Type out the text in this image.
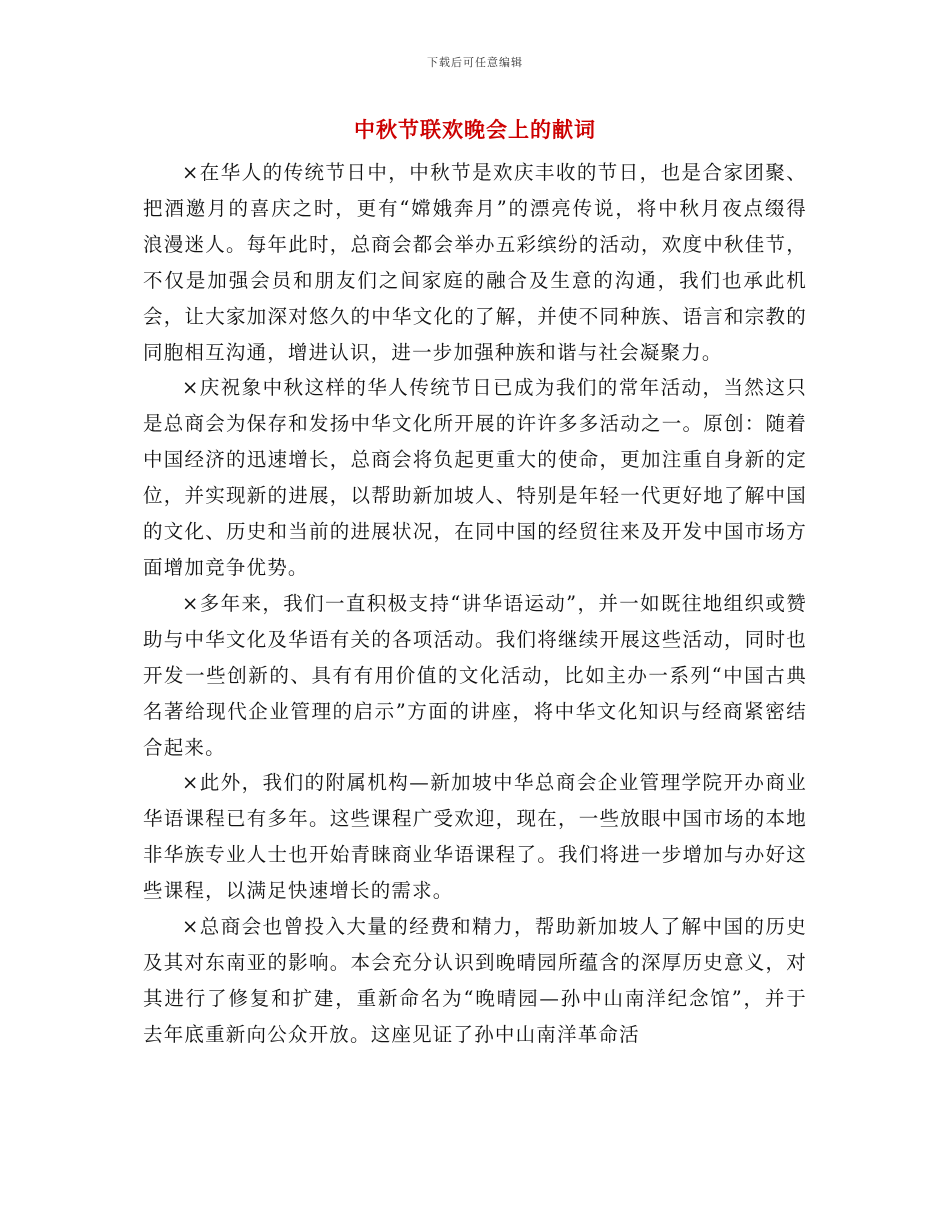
下载后可任意编辑
中秋节联欢晚会上的献词

×在华人的传统节日中，中秋节是欢庆丰收的节日，也是合家团聚、把酒邀月的喜庆之时，更有“嫦娥奔月”的漂亮传说，将中秋月夜点缀得浪漫迷人。每年此时，总商会都会举办五彩缤纷的活动，欢度中秋佳节，不仅是加强会员和朋友们之间家庭的融合及生意的沟通，我们也承此机会，让大家加深对悠久的中华文化的了解，并使不同种族、语言和宗教的同胞相互沟通，增进认识，进一步加强种族和谐与社会凝聚力。

×庆祝象中秋这样的华人传统节日已成为我们的常年活动，当然这只是总商会为保存和发扬中华文化所开展的许许多多活动之一。原创：随着中国经济的迅速增长，总商会将负起更重大的使命，更加注重自身新的定位，并实现新的进展，以帮助新加坡人、特别是年轻一代更好地了解中国的文化、历史和当前的进展状况，在同中国的经贸往来及开发中国市场方面增加竞争优势。

×多年来，我们一直积极支持“讲华语运动”，并一如既往地组织或赞助与中华文化及华语有关的各项活动。我们将继续开展这些活动，同时也开发一些创新的、具有有用价值的文化活动，比如主办一系列“中国古典名著给现代企业管理的启示”方面的讲座，将中华文化知识与经商紧密结合起来。

×此外，我们的附属机构—新加坡中华总商会企业管理学院开办商业华语课程已有多年。这些课程广受欢迎，现在，一些放眼中国市场的本地非华族专业人士也开始青睐商业华语课程了。我们将进一步增加与办好这些课程，以满足快速增长的需求。

×总商会也曾投入大量的经费和精力，帮助新加坡人了解中国的历史及其对东南亚的影响。本会充分认识到晚晴园所蕴含的深厚历史意义，对其进行了修复和扩建，重新命名为“晚晴园—孙中山南洋纪念馆”，并于去年底重新向公众开放。这座见证了孙中山南洋革命活
